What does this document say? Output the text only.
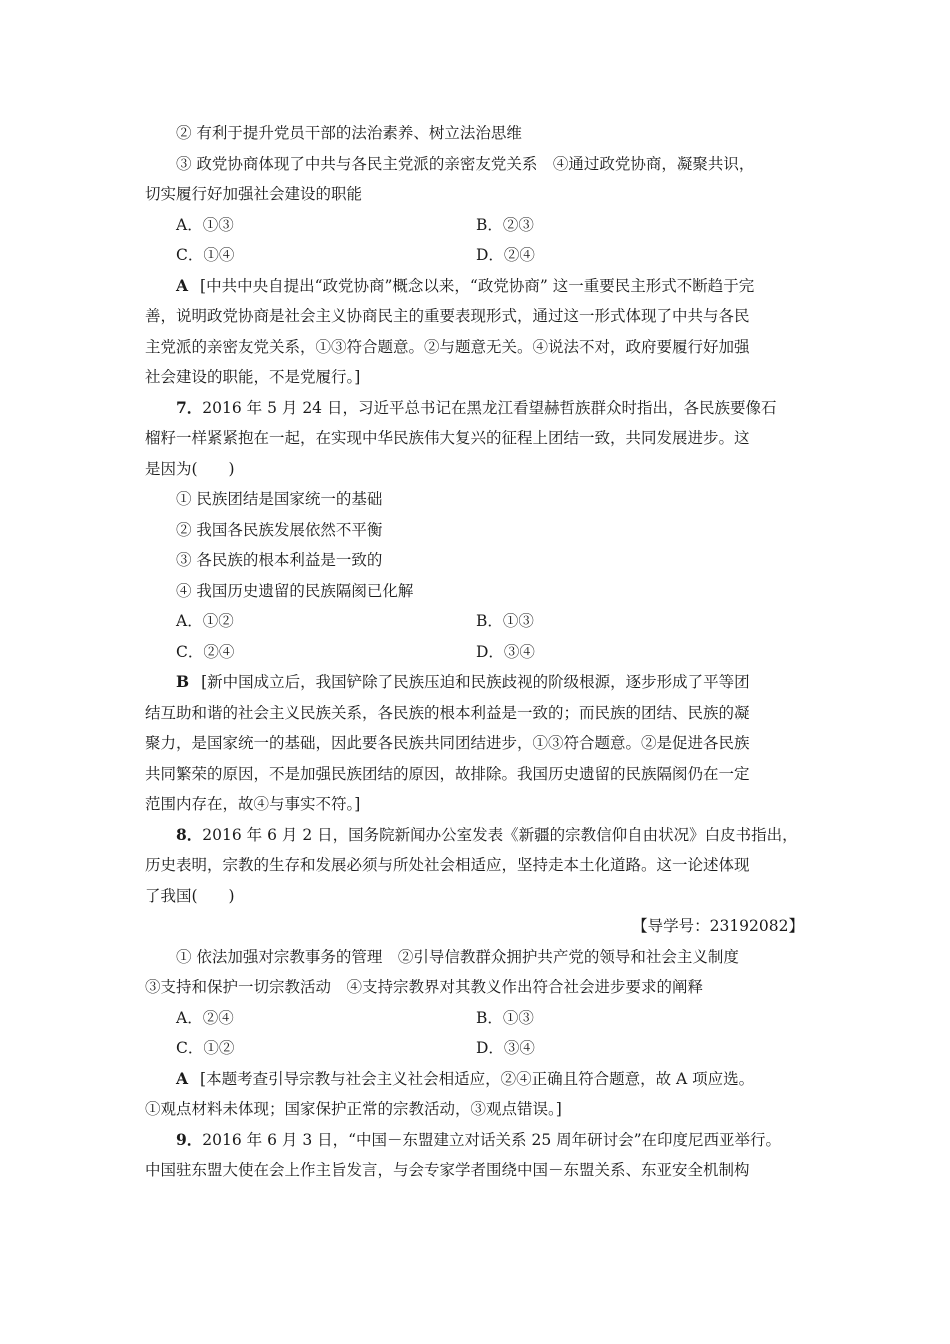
② 有利于提升党员干部的法治素养、树立法治思维
③ 政党协商体现了中共与各民主党派的亲密友党关系　④通过政党协商，凝聚共识，
切实履行好加强社会建设的职能
A．①③	B．②③
C．①④	D．②④
A [中共中央自提出“政党协商”概念以来，“政党协商” 这一重要民主形式不断趋于完
善，说明政党协商是社会主义协商民主的重要表现形式，通过这一形式体现了中共与各民
主党派的亲密友党关系，①③符合题意。②与题意无关。④说法不对，政府要履行好加强
社会建设的职能，不是党履行。]
7．2016 年 5 月 24 日，习近平总书记在黑龙江看望赫哲族群众时指出，各民族要像石
榴籽一样紧紧抱在一起，在实现中华民族伟大复兴的征程上团结一致，共同发展进步。这
是因为(　　)
① 民族团结是国家统一的基础
② 我国各民族发展依然不平衡
③ 各民族的根本利益是一致的
④ 我国历史遗留的民族隔阂已化解
A．①②	B．①③
C．②④	D．③④
B [新中国成立后，我国铲除了民族压迫和民族歧视的阶级根源，逐步形成了平等团
结互助和谐的社会主义民族关系，各民族的根本利益是一致的；而民族的团结、民族的凝
聚力，是国家统一的基础，因此要各民族共同团结进步，①③符合题意。②是促进各民族
共同繁荣的原因，不是加强民族团结的原因，故排除。我国历史遗留的民族隔阂仍在一定
范围内存在，故④与事实不符。]
8．2016 年 6 月 2 日，国务院新闻办公室发表《新疆的宗教信仰自由状况》白皮书指出，
历史表明，宗教的生存和发展必须与所处社会相适应，坚持走本土化道路。这一论述体现
了我国(　　)
【导学号：23192082】
① 依法加强对宗教事务的管理　②引导信教群众拥护共产党的领导和社会主义制度
③支持和保护一切宗教活动　④支持宗教界对其教义作出符合社会进步要求的阐释
A．②④	B．①③
C．①②	D．③④
A [本题考查引导宗教与社会主义社会相适应，②④正确且符合题意，故 A 项应选。
①观点材料未体现；国家保护正常的宗教活动，③观点错误。]
9．2016 年 6 月 3 日，“中国－东盟建立对话关系 25 周年研讨会”在印度尼西亚举行。
中国驻东盟大使在会上作主旨发言，与会专家学者围绕中国－东盟关系、东亚安全机制构
